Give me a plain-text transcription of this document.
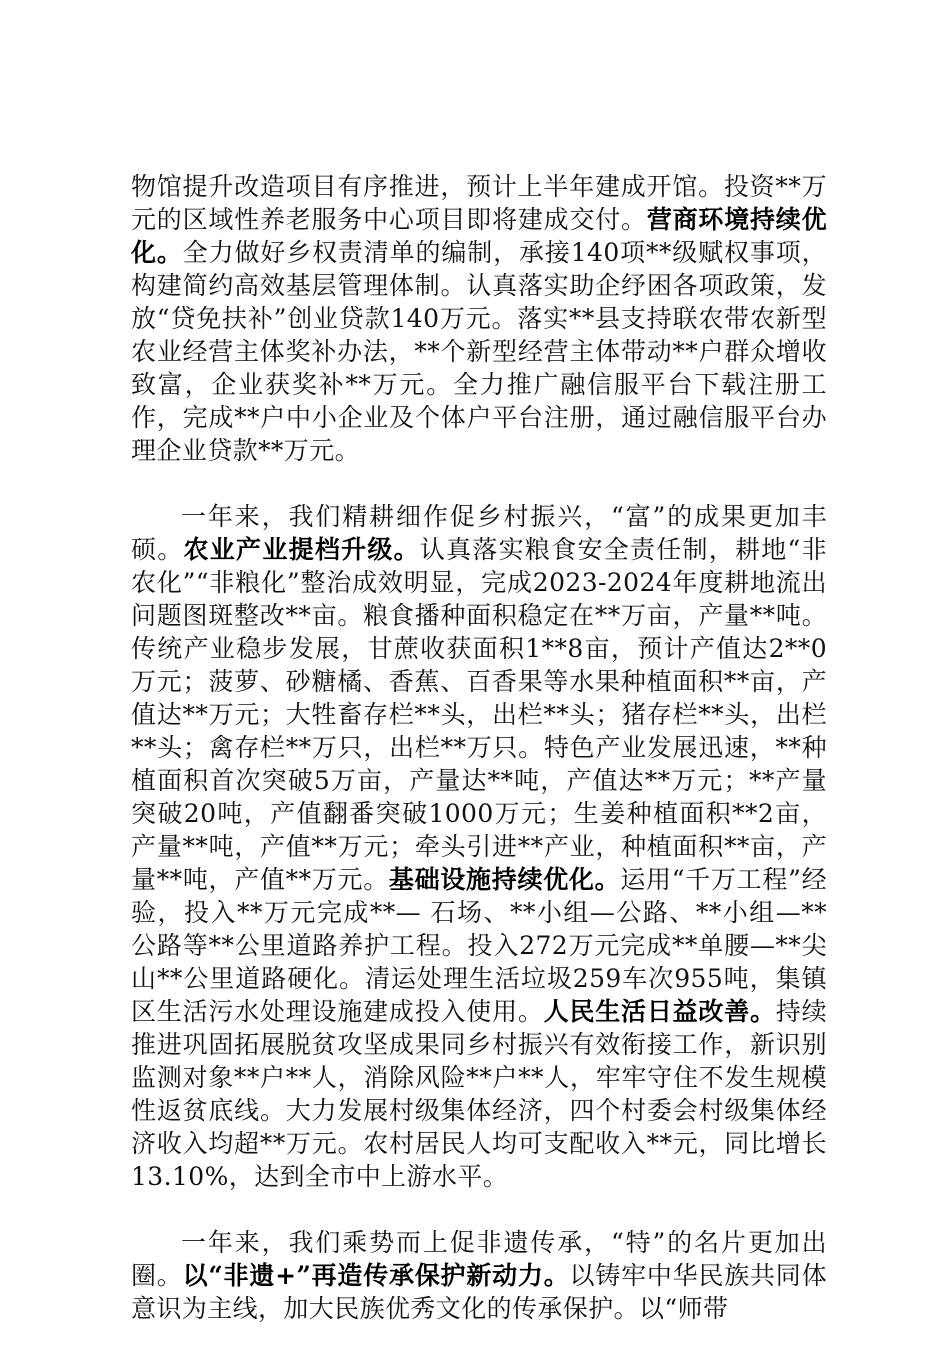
物馆提升改造项目有序推进，预计上半年建成开馆。投资**万元的区域性养老服务中心项目即将建成交付。营商环境持续优化。全力做好乡权责清单的编制，承接140项**级赋权事项，构建简约高效基层管理体制。认真落实助企纾困各项政策，发放“贷免扶补”创业贷款140万元。落实**县支持联农带农新型农业经营主体奖补办法，**个新型经营主体带动**户群众增收致富，企业获奖补**万元。全力推广融信服平台下载注册工作，完成**户中小企业及个体户平台注册，通过融信服平台办理企业贷款**万元。

一年来，我们精耕细作促乡村振兴，“富”的成果更加丰硕。农业产业提档升级。认真落实粮食安全责任制，耕地“非农化”“非粮化”整治成效明显，完成2023-2024年度耕地流出问题图斑整改**亩。粮食播种面积稳定在**万亩，产量**吨。传统产业稳步发展，甘蔗收获面积1**8亩，预计产值达2**0万元；菠萝、砂糖橘、香蕉、百香果等水果种植面积**亩，产值达**万元；大牲畜存栏**头，出栏**头；猪存栏**头，出栏**头；禽存栏**万只，出栏**万只。特色产业发展迅速，**种植面积首次突破5万亩，产量达**吨，产值达**万元；**产量突破20吨，产值翻番突破1000万元；生姜种植面积**2亩，产量**吨，产值**万元；牵头引进**产业，种植面积**亩，产量**吨，产值**万元。基础设施持续优化。运用“千万工程”经验，投入**万元完成**— 石场、**小组—公路、**小组—**公路等**公里道路养护工程。投入272万元完成**单腰—**尖山**公里道路硬化。清运处理生活垃圾259车次955吨，集镇区生活污水处理设施建成投入使用。人民生活日益改善。持续推进巩固拓展脱贫攻坚成果同乡村振兴有效衔接工作，新识别监测对象**户**人，消除风险**户**人，牢牢守住不发生规模性返贫底线。大力发展村级集体经济，四个村委会村级集体经济收入均超**万元。农村居民人均可支配收入**元，同比增长13.10%，达到全市中上游水平。

一年来，我们乘势而上促非遗传承，“特”的名片更加出圈。以“非遗+”再造传承保护新动力。以铸牢中华民族共同体意识为主线，加大民族优秀文化的传承保护。以“师带
